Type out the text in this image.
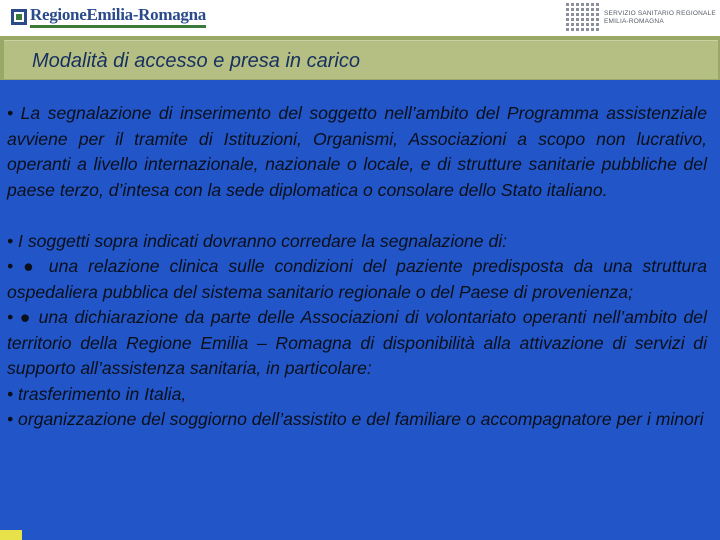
RegioneEmilia-Romagna	SERVIZIO SANITARIO REGIONALE
EMILIA-ROMAGNA
Modalità di accesso e presa in carico

• La segnalazione di inserimento del soggetto nell’ambito del Programma assistenziale avviene per il tramite di Istituzioni, Organismi, Associazioni a scopo non lucrativo, operanti a livello internazionale, nazionale o locale, e di strutture sanitarie pubbliche del paese terzo, d’intesa con la sede diplomatica o consolare dello Stato italiano.

• I soggetti sopra indicati dovranno corredare la segnalazione di:

• ● una relazione clinica sulle condizioni del paziente predisposta da una struttura ospedaliera pubblica del sistema sanitario regionale o del Paese di provenienza;

• ● una dichiarazione da parte delle Associazioni di volontariato operanti nell’ambito del territorio della Regione Emilia – Romagna di disponibilità alla attivazione di servizi di supporto all’assistenza sanitaria, in particolare:

• trasferimento in Italia,

• organizzazione del soggiorno dell’assistito e del familiare o accompagnatore per i minori
